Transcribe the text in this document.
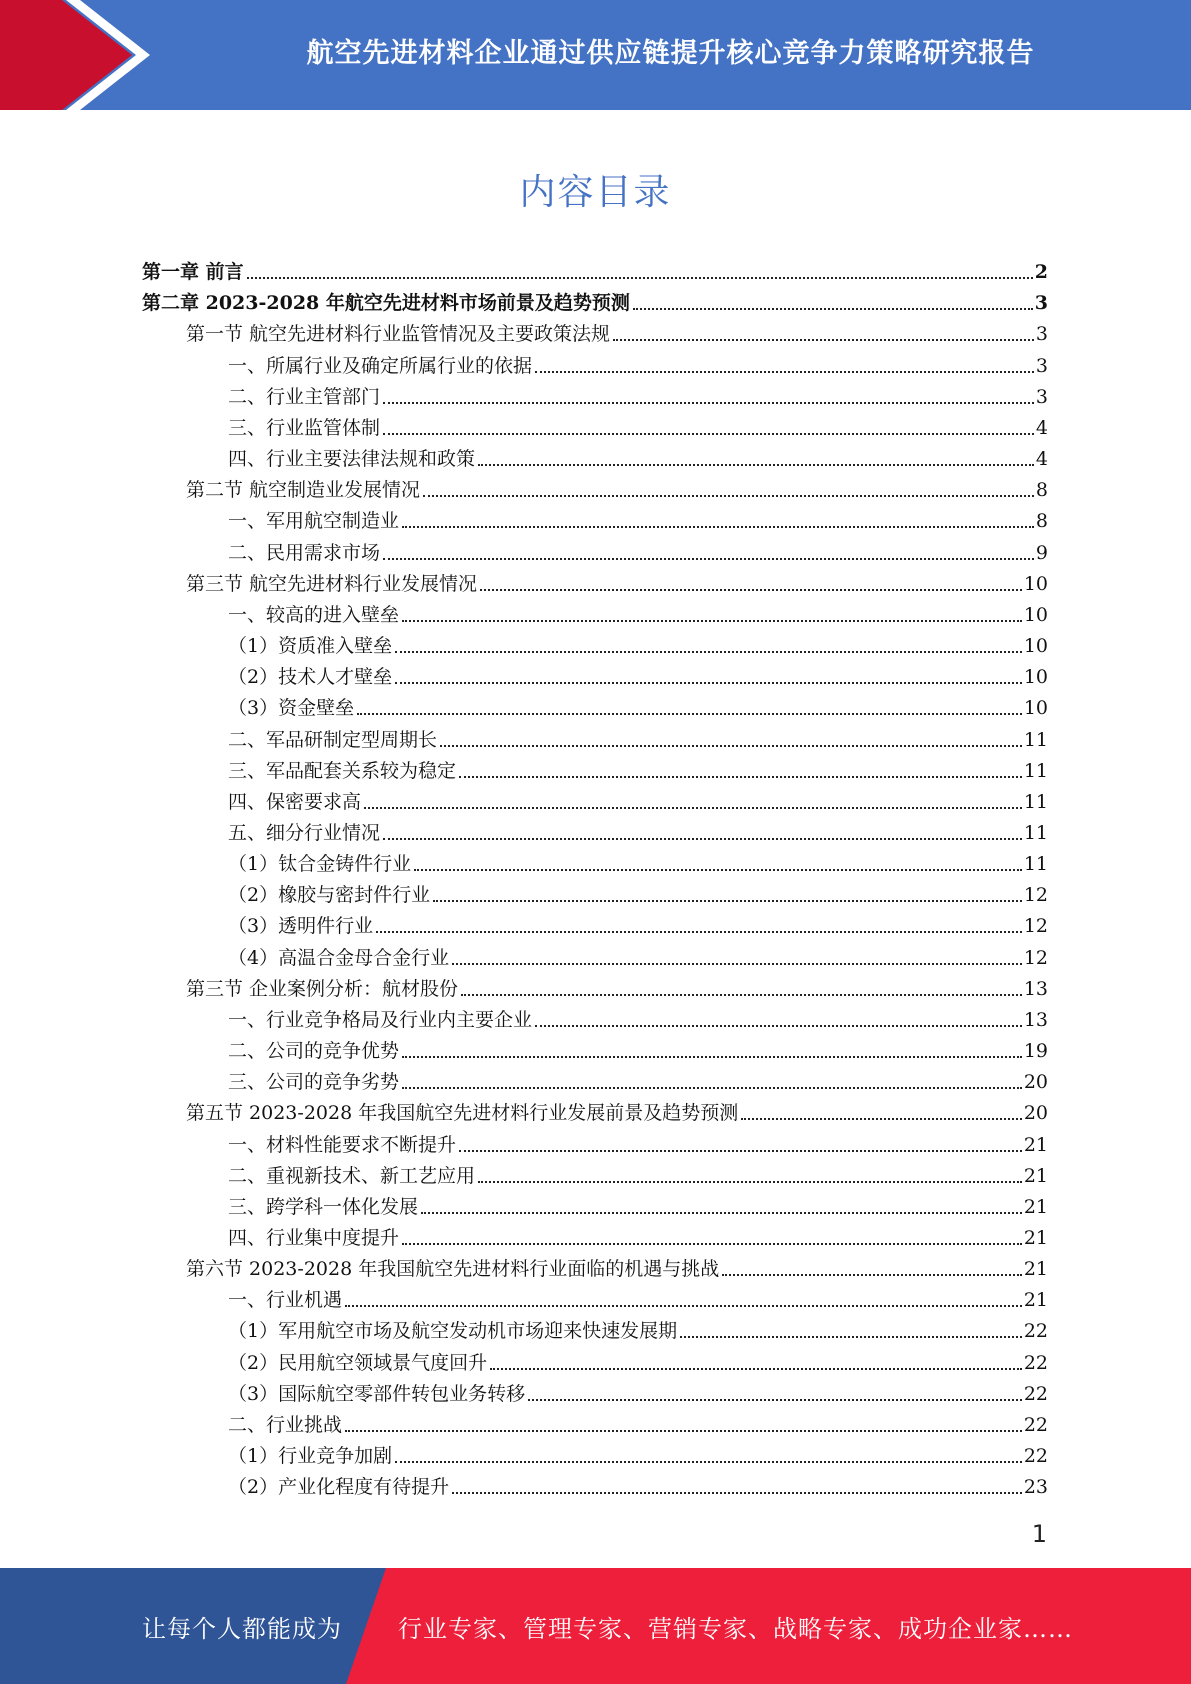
航空先进材料企业通过供应链提升核心竞争力策略研究报告
内容目录
第一章 前言	2
第二章 2023-2028 年航空先进材料市场前景及趋势预测	3
第一节 航空先进材料行业监管情况及主要政策法规	3
一、所属行业及确定所属行业的依据	3
二、行业主管部门	3
三、行业监管体制	4
四、行业主要法律法规和政策	4
第二节 航空制造业发展情况	8
一、军用航空制造业	8
二、民用需求市场	9
第三节 航空先进材料行业发展情况	10
一、较高的进入壁垒	10
（1）资质准入壁垒	10
（2）技术人才壁垒	10
（3）资金壁垒	10
二、军品研制定型周期长	11
三、军品配套关系较为稳定	11
四、保密要求高	11
五、细分行业情况	11
（1）钛合金铸件行业	11
（2）橡胶与密封件行业	12
（3）透明件行业	12
（4）高温合金母合金行业	12
第三节 企业案例分析：航材股份	13
一、行业竞争格局及行业内主要企业	13
二、公司的竞争优势	19
三、公司的竞争劣势	20
第五节 2023-2028 年我国航空先进材料行业发展前景及趋势预测	20
一、材料性能要求不断提升	21
二、重视新技术、新工艺应用	21
三、跨学科一体化发展	21
四、行业集中度提升	21
第六节 2023-2028 年我国航空先进材料行业面临的机遇与挑战	21
一、行业机遇	21
（1）军用航空市场及航空发动机市场迎来快速发展期	22
（2）民用航空领域景气度回升	22
（3）国际航空零部件转包业务转移	22
二、行业挑战	22
（1）行业竞争加剧	22
（2）产业化程度有待提升	23
1
让每个人都能成为 行业专家、管理专家、营销专家、战略专家、成功企业家……
